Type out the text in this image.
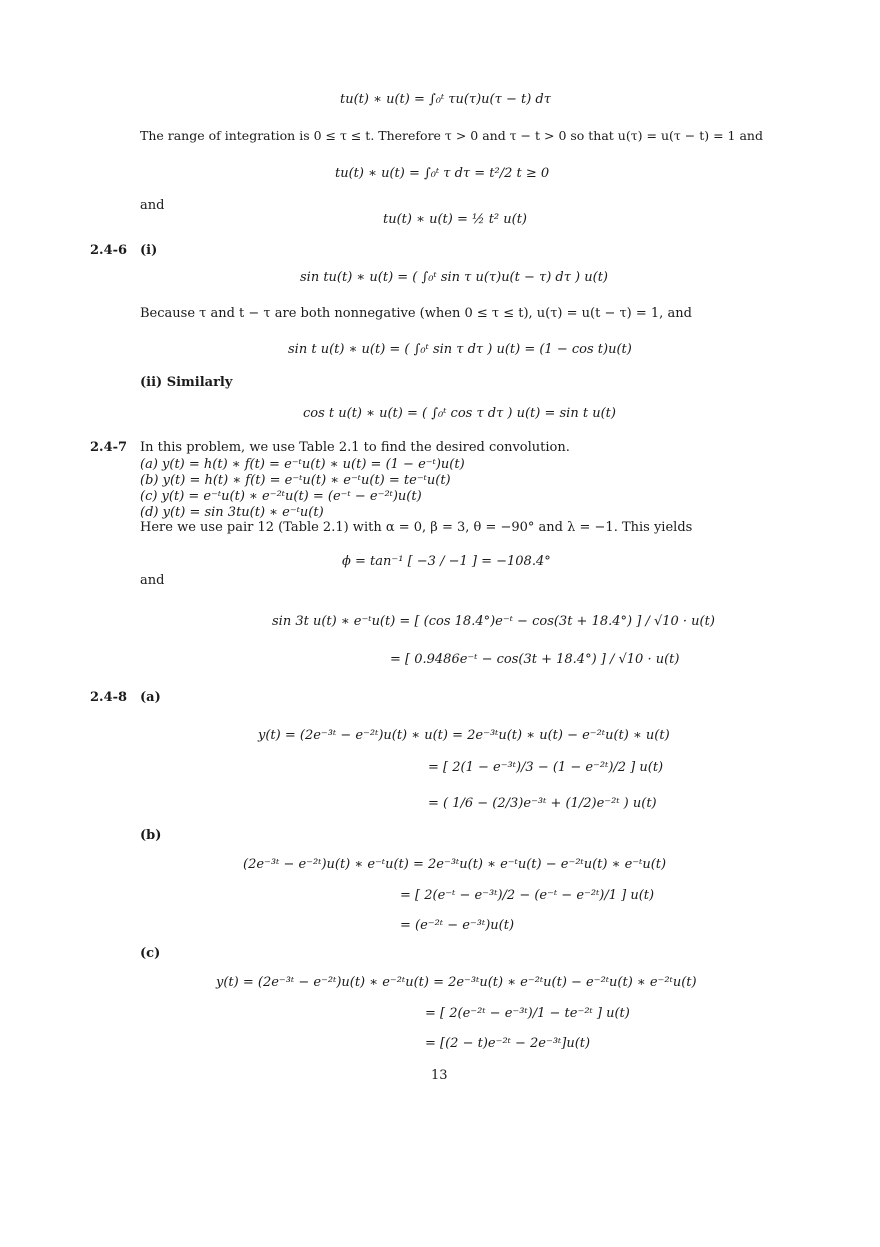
tu(t) ∗ u(t) = ∫₀ᵗ τu(τ)u(τ − t) dτ
The range of integration is 0 ≤ τ ≤ t. Therefore τ > 0 and τ − t > 0 so that u(τ) = u(τ − t) = 1 and
tu(t) ∗ u(t) = ∫₀ᵗ τ dτ = t²/2 t ≥ 0
and
tu(t) ∗ u(t) = ½ t² u(t)
2.4-6 (i)
sin tu(t) ∗ u(t) = ( ∫₀ᵗ sin τ u(τ)u(t − τ) dτ ) u(t)
Because τ and t − τ are both nonnegative (when 0 ≤ τ ≤ t), u(τ) = u(t − τ) = 1, and
sin t u(t) ∗ u(t) = ( ∫₀ᵗ sin τ dτ ) u(t) = (1 − cos t)u(t)
(ii) Similarly
cos t u(t) ∗ u(t) = ( ∫₀ᵗ cos τ dτ ) u(t) = sin t u(t)
2.4-7 In this problem, we use Table 2.1 to find the desired convolution.
(a) y(t) = h(t) ∗ f(t) = e⁻ᵗu(t) ∗ u(t) = (1 − e⁻ᵗ)u(t)
(b) y(t) = h(t) ∗ f(t) = e⁻ᵗu(t) ∗ e⁻ᵗu(t) = te⁻ᵗu(t)
(c) y(t) = e⁻ᵗu(t) ∗ e⁻²ᵗu(t) = (e⁻ᵗ − e⁻²ᵗ)u(t)
(d) y(t) = sin 3tu(t) ∗ e⁻ᵗu(t)
Here we use pair 12 (Table 2.1) with α = 0, β = 3, θ = −90° and λ = −1. This yields
ϕ = tan⁻¹ [ −3 / −1 ] = −108.4°
and
sin 3t u(t) ∗ e⁻ᵗu(t) = [ (cos 18.4°)e⁻ᵗ − cos(3t + 18.4°) ] / √10 · u(t)
= [ 0.9486e⁻ᵗ − cos(3t + 18.4°) ] / √10 · u(t)
2.4-8 (a)
y(t) = (2e⁻³ᵗ − e⁻²ᵗ)u(t) ∗ u(t) = 2e⁻³ᵗu(t) ∗ u(t) − e⁻²ᵗu(t) ∗ u(t)
= [ 2(1 − e⁻³ᵗ)/3 − (1 − e⁻²ᵗ)/2 ] u(t)
= ( 1/6 − (2/3)e⁻³ᵗ + (1/2)e⁻²ᵗ ) u(t)
(b)
(2e⁻³ᵗ − e⁻²ᵗ)u(t) ∗ e⁻ᵗu(t) = 2e⁻³ᵗu(t) ∗ e⁻ᵗu(t) − e⁻²ᵗu(t) ∗ e⁻ᵗu(t)
= [ 2(e⁻ᵗ − e⁻³ᵗ)/2 − (e⁻ᵗ − e⁻²ᵗ)/1 ] u(t)
= (e⁻²ᵗ − e⁻³ᵗ)u(t)
(c)
y(t) = (2e⁻³ᵗ − e⁻²ᵗ)u(t) ∗ e⁻²ᵗu(t) = 2e⁻³ᵗu(t) ∗ e⁻²ᵗu(t) − e⁻²ᵗu(t) ∗ e⁻²ᵗu(t)
= [ 2(e⁻²ᵗ − e⁻³ᵗ)/1 − te⁻²ᵗ ] u(t)
= [(2 − t)e⁻²ᵗ − 2e⁻³ᵗ]u(t)
13
